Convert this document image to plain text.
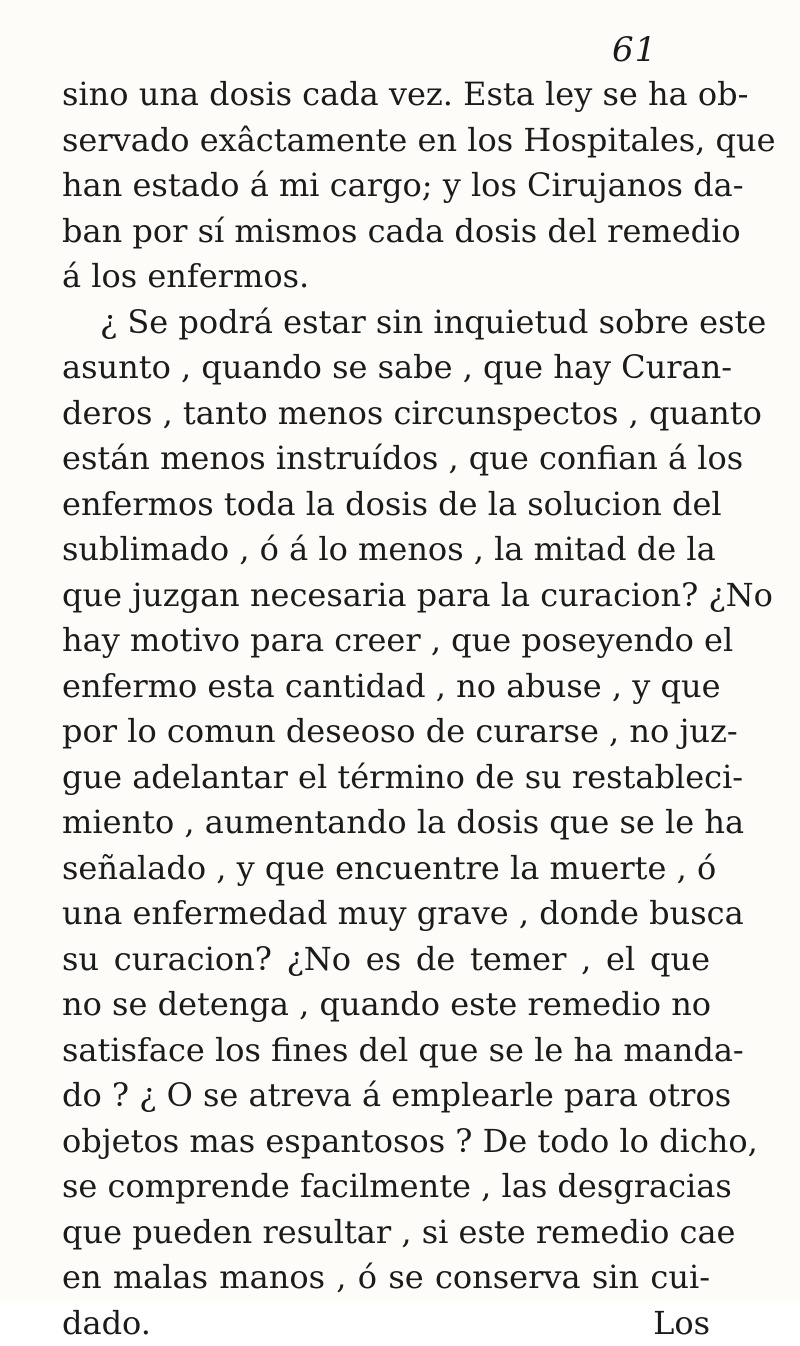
61
sino una dosis cada vez. Esta ley se ha ob-
servado exâctamente en los Hospitales, que
han estado á mi cargo; y los Cirujanos da-
ban por sí mismos cada dosis del remedio
á los enfermos.
¿ Se podrá estar sin inquietud sobre este
asunto , quando se sabe , que hay Curan-
deros , tanto menos circunspectos , quanto
están menos instruídos , que confian á los
enfermos toda la dosis de la solucion del
sublimado , ó á lo menos , la mitad de la
que juzgan necesaria para la curacion? ¿No
hay motivo para creer , que poseyendo el
enfermo esta cantidad , no abuse , y que
por lo comun deseoso de curarse , no juz-
gue adelantar el término de su restableci-
miento , aumentando la dosis que se le ha
señalado , y que encuentre la muerte , ó
una enfermedad muy grave , donde busca
su curacion? ¿No es de temer , el que
no se detenga , quando este remedio no
satisface los fines del que se le ha manda-
do ? ¿ O se atreva á emplearle para otros
objetos mas espantosos ? De todo lo dicho,
se comprende facilmente , las desgracias
que pueden resultar , si este remedio cae
en malas manos , ó se conserva sin cui-
dado.	Los
